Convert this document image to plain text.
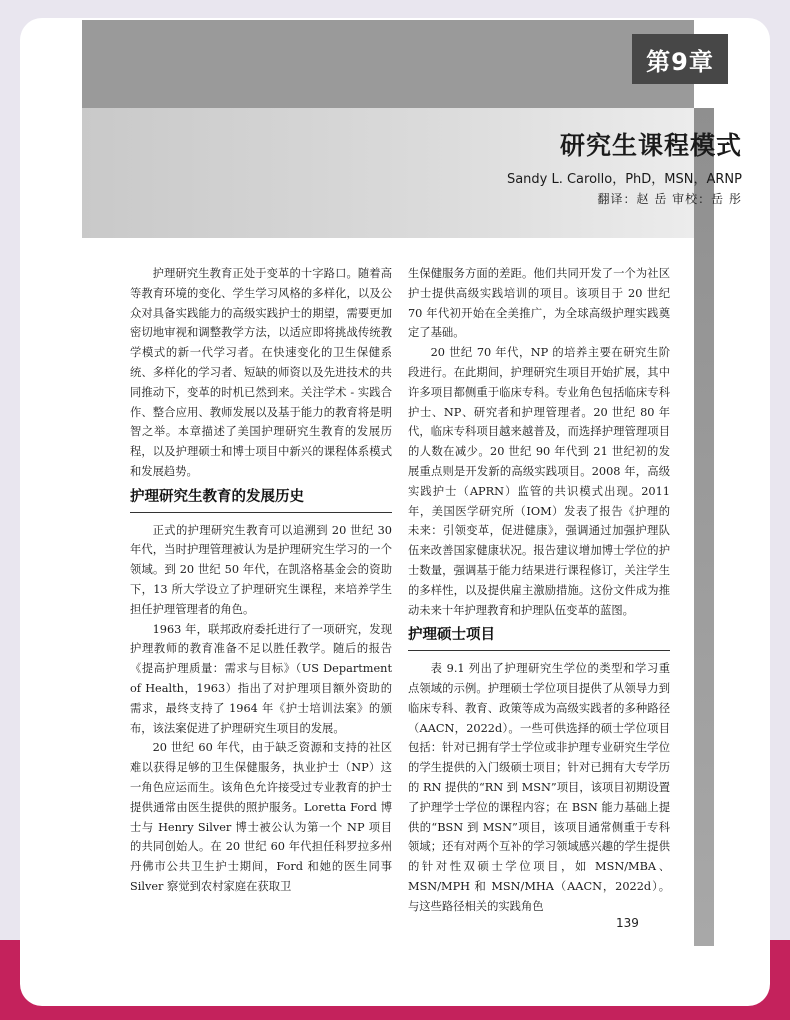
第9章
研究生课程模式
Sandy L. Carollo，PhD，MSN，ARNP
翻译：赵 岳 审校：岳 彤

护理研究生教育正处于变革的十字路口。随着高等教育环境的变化、学生学习风格的多样化，以及公众对具备实践能力的高级实践护士的期望，需要更加密切地审视和调整教学方法，以适应即将挑战传统教学模式的新一代学习者。在快速变化的卫生保健系统、多样化的学习者、短缺的师资以及先进技术的共同推动下，变革的时机已然到来。关注学术 - 实践合作、整合应用、教师发展以及基于能力的教育将是明智之举。本章描述了美国护理研究生教育的发展历程，以及护理硕士和博士项目中新兴的课程体系模式和发展趋势。

护理研究生教育的发展历史

正式的护理研究生教育可以追溯到 20 世纪 30 年代，当时护理管理被认为是护理研究生学习的一个领域。到 20 世纪 50 年代，在凯洛格基金会的资助下，13 所大学设立了护理研究生课程，来培养学生担任护理管理者的角色。

1963 年，联邦政府委托进行了一项研究，发现护理教师的教育准备不足以胜任教学。随后的报告《提高护理质量：需求与目标》（US Department of Health，1963）指出了对护理项目额外资助的需求，最终支持了 1964 年《护士培训法案》的颁布，该法案促进了护理研究生项目的发展。

20 世纪 60 年代，由于缺乏资源和支持的社区难以获得足够的卫生保健服务，执业护士（NP）这一角色应运而生。该角色允许接受过专业教育的护士提供通常由医生提供的照护服务。Loretta Ford 博士与 Henry Silver 博士被公认为第一个 NP 项目的共同创始人。在 20 世纪 60 年代担任科罗拉多州丹佛市公共卫生护士期间，Ford 和她的医生同事 Silver 察觉到农村家庭在获取卫

生保健服务方面的差距。他们共同开发了一个为社区护士提供高级实践培训的项目。该项目于 20 世纪 70 年代初开始在全美推广，为全球高级护理实践奠定了基础。

20 世纪 70 年代，NP 的培养主要在研究生阶段进行。在此期间，护理研究生项目开始扩展，其中许多项目都侧重于临床专科。专业角色包括临床专科护士、NP、研究者和护理管理者。20 世纪 80 年代，临床专科项目越来越普及，而选择护理管理项目的人数在减少。20 世纪 90 年代到 21 世纪初的发展重点则是开发新的高级实践项目。2008 年，高级实践护士（APRN）监管的共识模式出现。2011 年，美国医学研究所（IOM）发表了报告《护理的未来：引领变革，促进健康》，强调通过加强护理队伍来改善国家健康状况。报告建议增加博士学位的护士数量，强调基于能力结果进行课程修订，关注学生的多样性，以及提供雇主激励措施。这份文件成为推动未来十年护理教育和护理队伍变革的蓝图。

护理硕士项目

表 9.1 列出了护理研究生学位的类型和学习重点领域的示例。护理硕士学位项目提供了从领导力到临床专科、教育、政策等成为高级实践者的多种路径（AACN，2022d）。一些可供选择的硕士学位项目包括：针对已拥有学士学位或非护理专业研究生学位的学生提供的入门级硕士项目；针对已拥有大专学历的 RN 提供的“RN 到 MSN”项目，该项目初期设置了护理学士学位的课程内容；在 BSN 能力基础上提供的“BSN 到 MSN”项目，该项目通常侧重于专科领域；还有对两个互补的学习领域感兴趣的学生提供的针对性双硕士学位项目，如 MSN/MBA、MSN/MPH 和 MSN/MHA（AACN，2022d）。与这些路径相关的实践角色

139
